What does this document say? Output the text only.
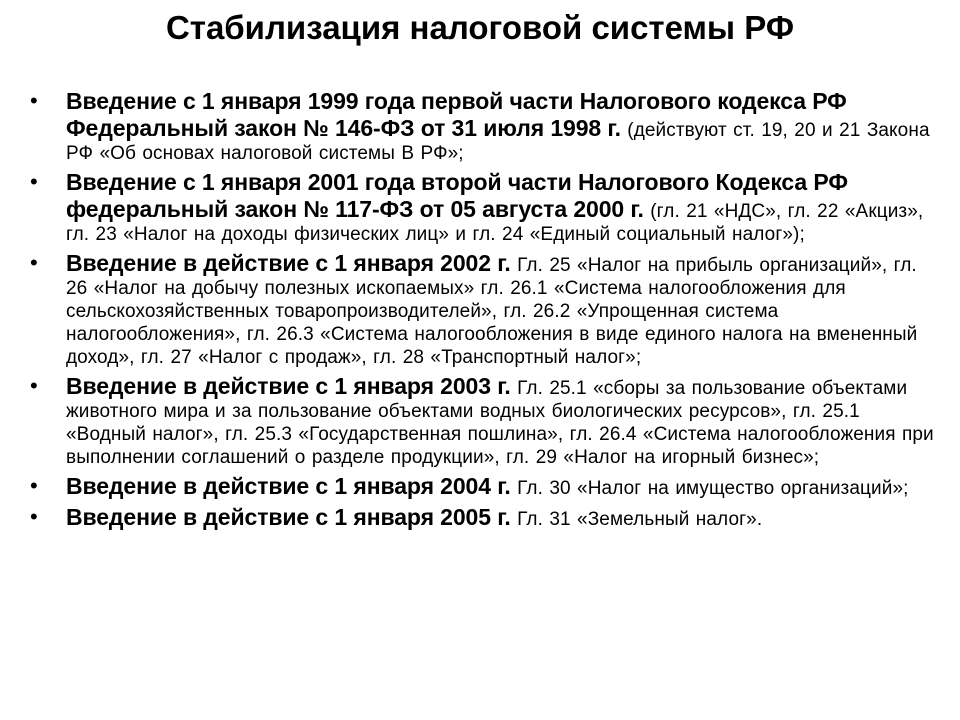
Стабилизация налоговой системы РФ
• Введение с 1 января 1999 года первой части Налогового кодекса РФ Федеральный закон № 146-ФЗ от 31 июля 1998 г. (действуют ст. 19, 20 и 21 Закона РФ «Об основах налоговой системы В РФ»;
• Введение с 1 января 2001 года второй части Налогового Кодекса РФ федеральный закон № 117-ФЗ от 05 августа 2000 г. (гл. 21 «НДС», гл. 22 «Акциз», гл. 23 «Налог на доходы физических лиц» и гл. 24 «Единый социальный налог»);
• Введение в действие с 1 января 2002 г. Гл. 25 «Налог на прибыль организаций», гл. 26 «Налог на добычу полезных ископаемых» гл. 26.1 «Система налогообложения для сельскохозяйственных товаропроизводителей», гл. 26.2 «Упрощенная система налогообложения», гл. 26.3 «Система налогообложения в виде единого налога на вмененный доход», гл. 27 «Налог с продаж», гл. 28 «Транспортный налог»;
• Введение в действие с 1 января 2003 г. Гл. 25.1 «сборы за пользование объектами животного мира и за пользование объектами водных биологических ресурсов», гл. 25.1 «Водный налог», гл. 25.3 «Государственная пошлина», гл. 26.4 «Система налогообложения при выполнении соглашений о разделе продукции», гл. 29 «Налог на игорный бизнес»;
• Введение в действие с 1 января 2004 г. Гл. 30 «Налог на имущество организаций»;
• Введение в действие с 1 января 2005 г. Гл. 31 «Земельный налог».
